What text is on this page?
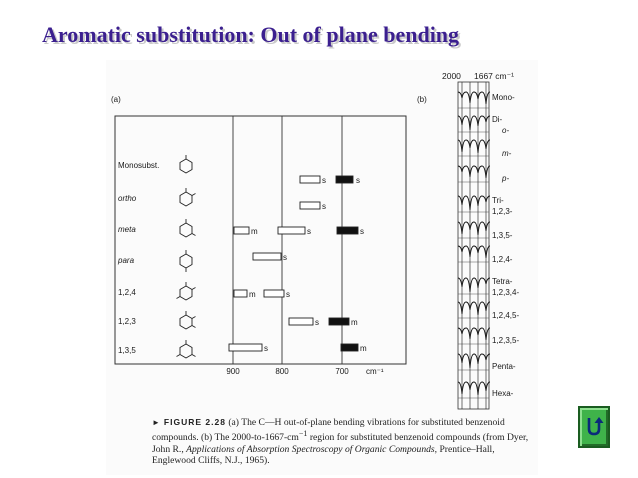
Aromatic substitution: Out of plane bending
(a)
Monosubst.
ortho
meta
para
1,2,4
1,2,3
1,3,5
s	s
s
m	s	s
s
m	s
s	m
s	m
900	800	700 cm⁻¹
(b)
2000 1667 cm⁻¹
Mono-
Di-
o-
m-
p-
Tri-
1,2,3-
1,3,5-
1,2,4-
Tetra-
1,2,3,4-
1,2,4,5-
1,2,3,5-
Penta-
Hexa-
► FIGURE 2.28 (a) The C—H out-of-plane bending vibrations for substituted benzenoid compounds. (b) The $2000-to-1667-cm^{-1}$ region for substituted benzenoid compounds (from Dyer, John R., Applications of Absorption Spectroscopy of Organic Compounds, Prentice–Hall, Englewood Cliffs, N.J., 1965).
